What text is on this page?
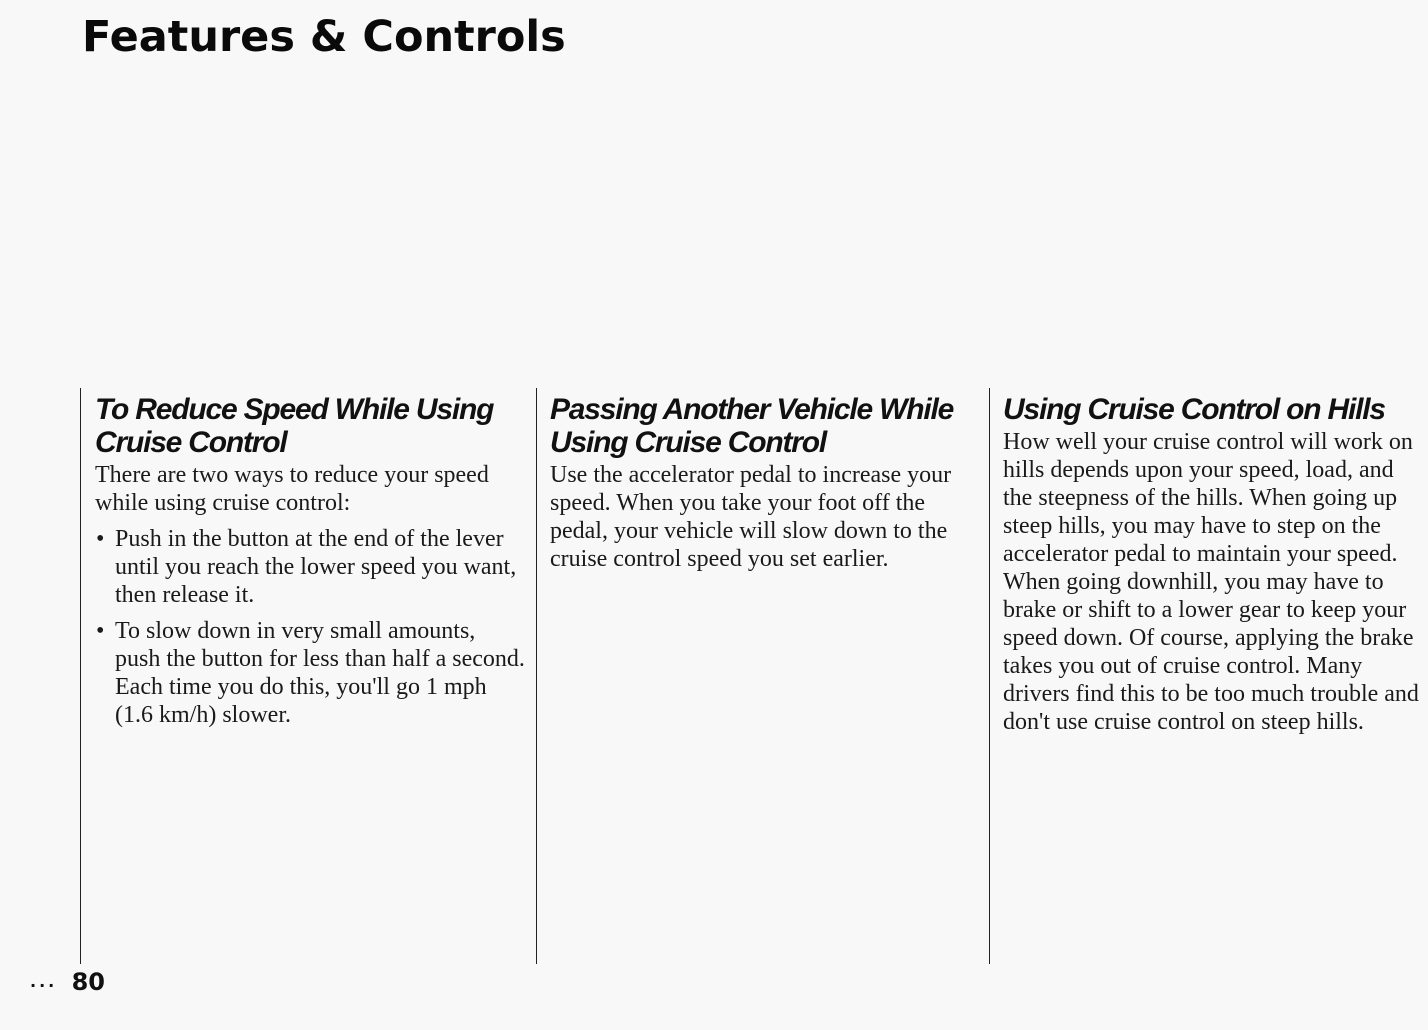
Features & Controls
To Reduce Speed While Using
Cruise Control

There are two ways to reduce your speed while using cruise control:

• Push in the button at the end of the lever until you reach the lower speed you want, then release it.
• To slow down in very small amounts, push the button for less than half a second. Each time you do this, you'll go 1 mph (1.6 km/h) slower.
Passing Another Vehicle While
Using Cruise Control

Use the accelerator pedal to increase your speed. When you take your foot off the pedal, your vehicle will slow down to the cruise control speed you set earlier.

Using Cruise Control on Hills

How well your cruise control will work on hills depends upon your speed, load, and the steepness of the hills. When going up steep hills, you may have to step on the accelerator pedal to maintain your speed. When going downhill, you may have to brake or shift to a lower gear to keep your speed down. Of course, applying the brake takes you out of cruise control. Many drivers find this to be too much trouble and don't use cruise control on steep hills.

... 80
